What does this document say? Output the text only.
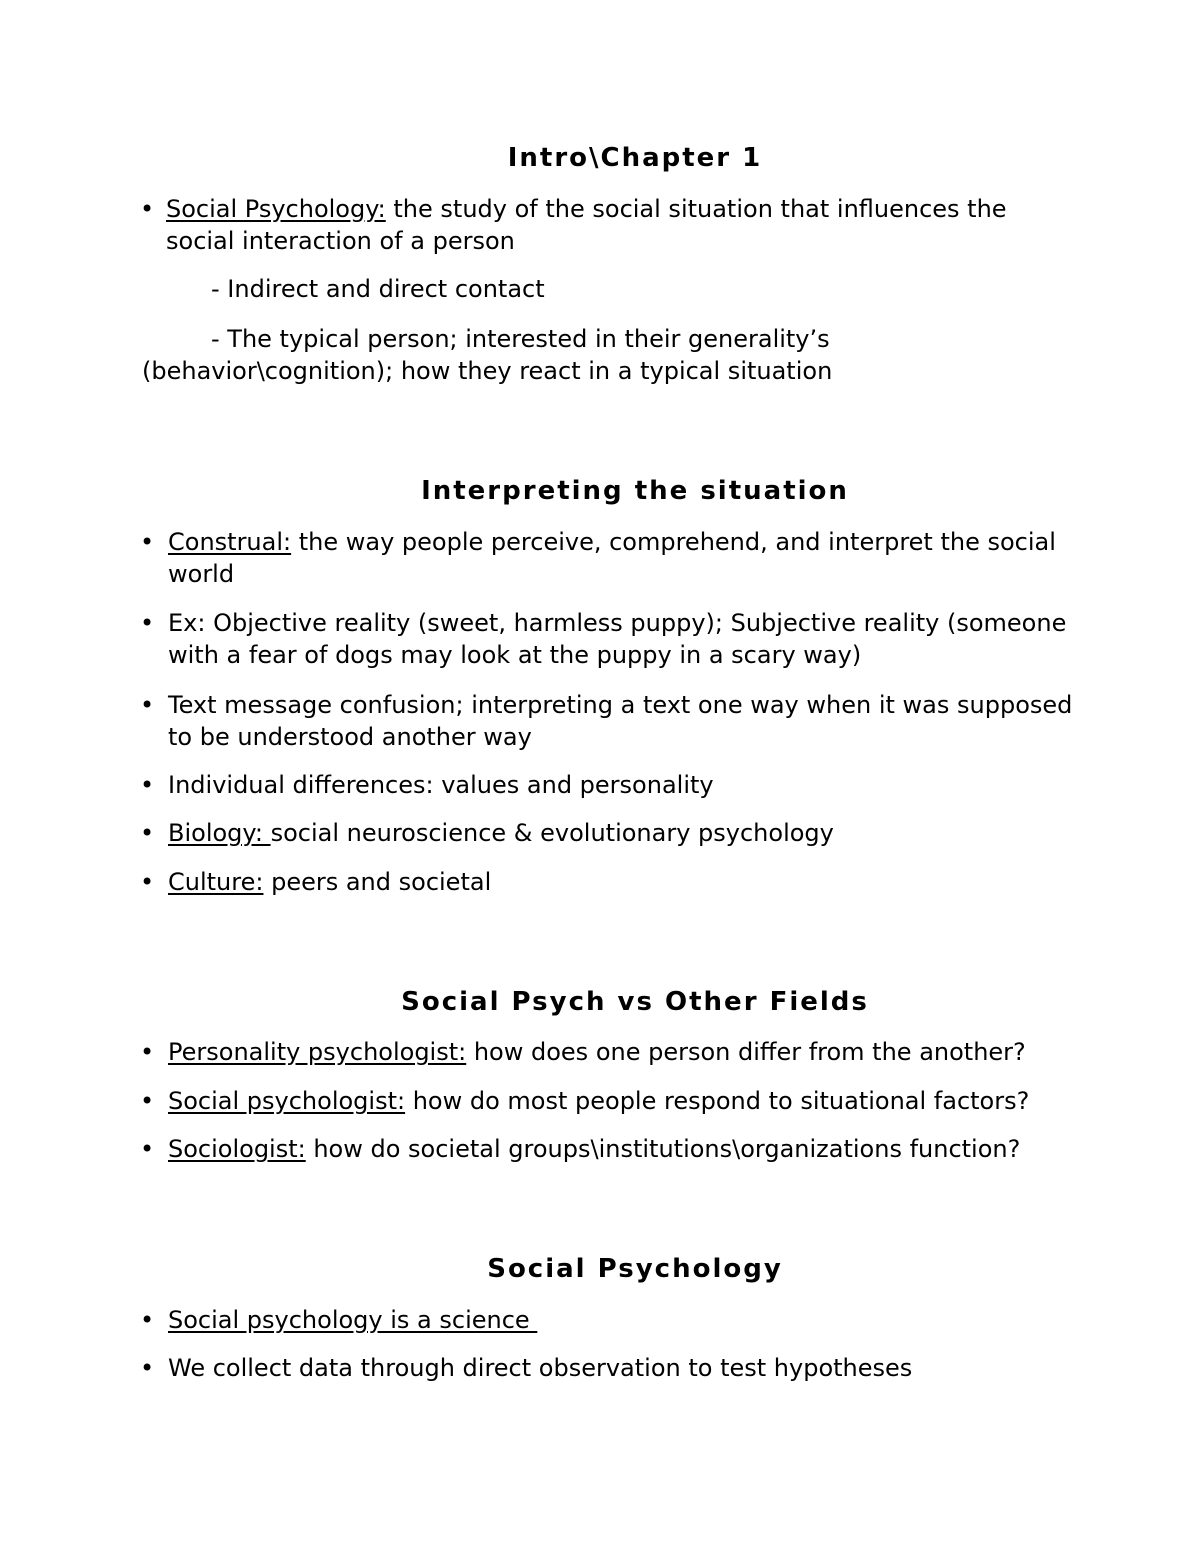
Intro\Chapter 1
• Social Psychology: the study of the social situation that influences the

social interaction of a person

- Indirect and direct contact

- The typical person; interested in their generality’s

(behavior\cognition); how they react in a typical situation

Interpreting the situation
• Construal: the way people perceive, comprehend, and interpret the social

world

• Ex: Objective reality (sweet, harmless puppy); Subjective reality (someone

with a fear of dogs may look at the puppy in a scary way)

• Text message confusion; interpreting a text one way when it was supposed

to be understood another way

• Individual differences: values and personality

• Biology: social neuroscience & evolutionary psychology

• Culture: peers and societal

Social Psych vs Other Fields
• Personality psychologist: how does one person differ from the another?

• Social psychologist: how do most people respond to situational factors?

• Sociologist: how do societal groups\institutions\organizations function?

Social Psychology
• Social psychology is a science

• We collect data through direct observation to test hypotheses
